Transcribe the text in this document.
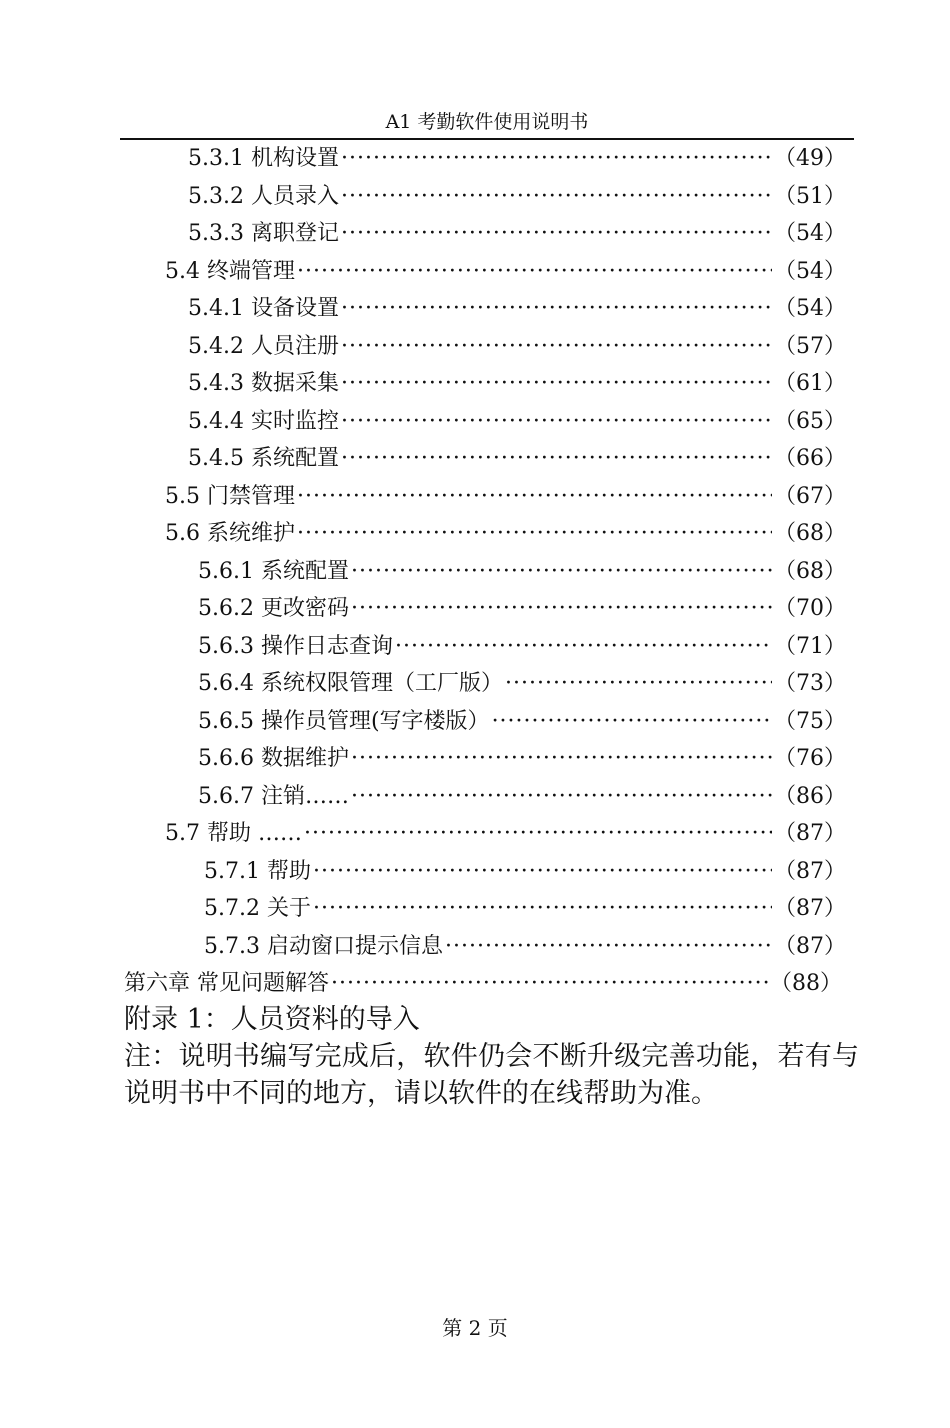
A1 考勤软件使用说明书
5.3.1 机构设置 ·····	（49）
5.3.2 人员录入 ·····	（51）
5.3.3 离职登记 ·····	（54）
5.4 终端管理 ·····	（54）
5.4.1 设备设置 ·····	（54）
5.4.2 人员注册 ·····	（57）
5.4.3 数据采集 ·····	（61）
5.4.4 实时监控 ·····	（65）
5.4.5 系统配置 ·····	（66）
5.5 门禁管理 ·····	（67）
5.6 系统维护 ·····	（68）
5.6.1 系统配置 ·····	（68）
5.6.2 更改密码 ·····	（70）
5.6.3 操作日志查询 ·····	（71）
5.6.4 系统权限管理（工厂版） ·····	（73）
5.6.5 操作员管理(写字楼版） ·····	（75）
5.6.6 数据维护 ·····	（76）
5.6.7 注销…… ·····	（86）
5.7 帮助 …… ·····	（87）
5.7.1 帮助 ·····	（87）
5.7.2 关于 ·····	（87）
5.7.3 启动窗口提示信息 ·····	（87）
第六章 常见问题解答 ·····	（88）
附录 1：人员资料的导入
注：说明书编写完成后，软件仍会不断升级完善功能，若有与说明书中不同的地方，请以软件的在线帮助为准。
第 2 页
